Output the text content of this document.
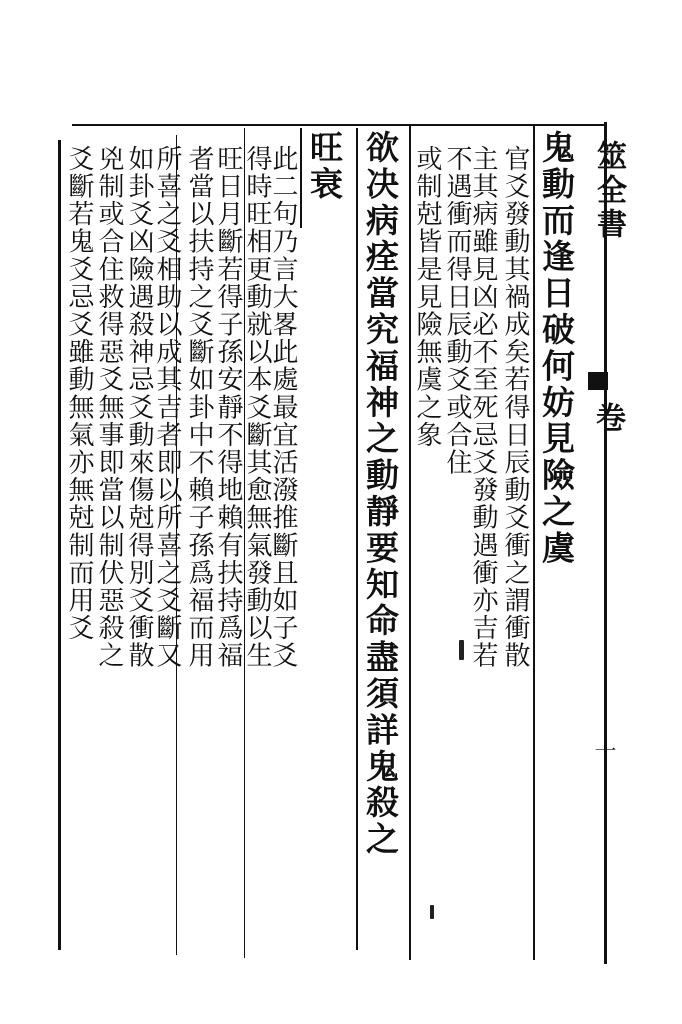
筮全書
卷
十
鬼動而逢日破何妨見險之虞
欲决病痊當究福神之動靜要知命盡須詳鬼殺之
旺衰	官爻發動其禍成矣若得日辰動爻衝之謂衝散
主其病雖見凶必不至死忌爻發動遇衝亦吉若
不遇衝而得日辰動爻或合住
或制尅皆是見險無虞之象
此二句乃言大畧此處最宜活潑推斷且如子爻
得時旺相更動就以本爻斷其愈無氣發動以生
旺日月斷若得子孫安靜不得地賴有扶持爲福
者當以扶持之爻斷如卦中不賴子孫爲福而用
所喜之爻相助以成其吉者即以所喜之爻斷又
如卦爻凶險遇殺神忌爻動來傷尅得別爻衝散
兇制或合住救得惡爻無事即當以制伏惡殺之
爻斷若鬼爻忌爻雖動無氣亦無尅制而用爻
